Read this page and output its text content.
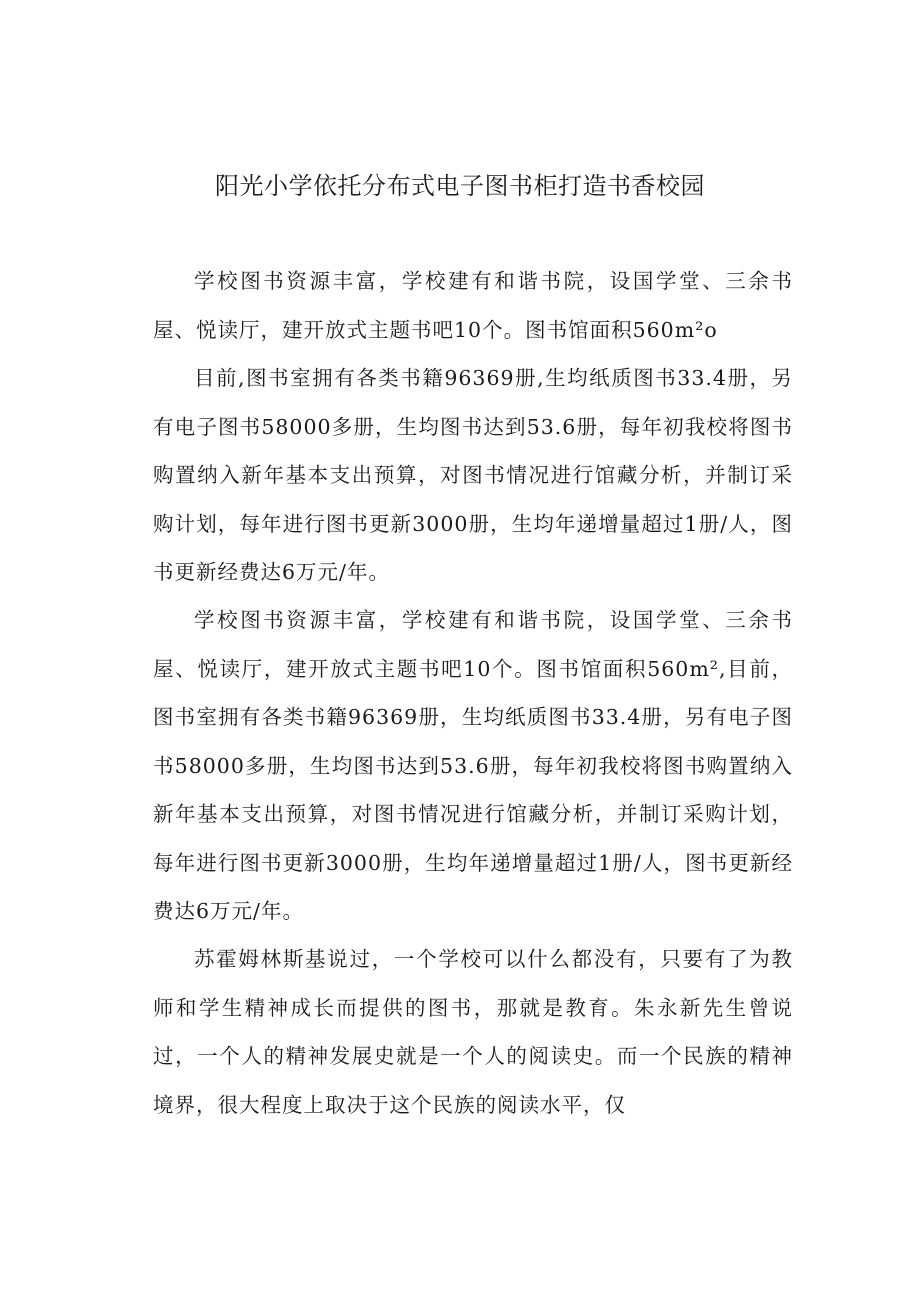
阳光小学依托分布式电子图书柜打造书香校园

学校图书资源丰富，学校建有和谐书院，设国学堂、三余书屋、悦读厅，建开放式主题书吧10个。图书馆面积560m²o

目前,图书室拥有各类书籍96369册,生均纸质图书33.4册，另有电子图书58000多册，生均图书达到53.6册，每年初我校将图书购置纳入新年基本支出预算，对图书情况进行馆藏分析，并制订采购计划，每年进行图书更新3000册，生均年递增量超过1册/人，图书更新经费达6万元/年。

学校图书资源丰富，学校建有和谐书院，设国学堂、三余书屋、悦读厅，建开放式主题书吧10个。图书馆面积560m²,目前，图书室拥有各类书籍96369册，生均纸质图书33.4册，另有电子图书58000多册，生均图书达到53.6册，每年初我校将图书购置纳入新年基本支出预算，对图书情况进行馆藏分析，并制订采购计划，每年进行图书更新3000册，生均年递增量超过1册/人，图书更新经费达6万元/年。

苏霍姆林斯基说过，一个学校可以什么都没有，只要有了为教师和学生精神成长而提供的图书，那就是教育。朱永新先生曾说过，一个人的精神发展史就是一个人的阅读史。而一个民族的精神境界，很大程度上取决于这个民族的阅读水平，仅
